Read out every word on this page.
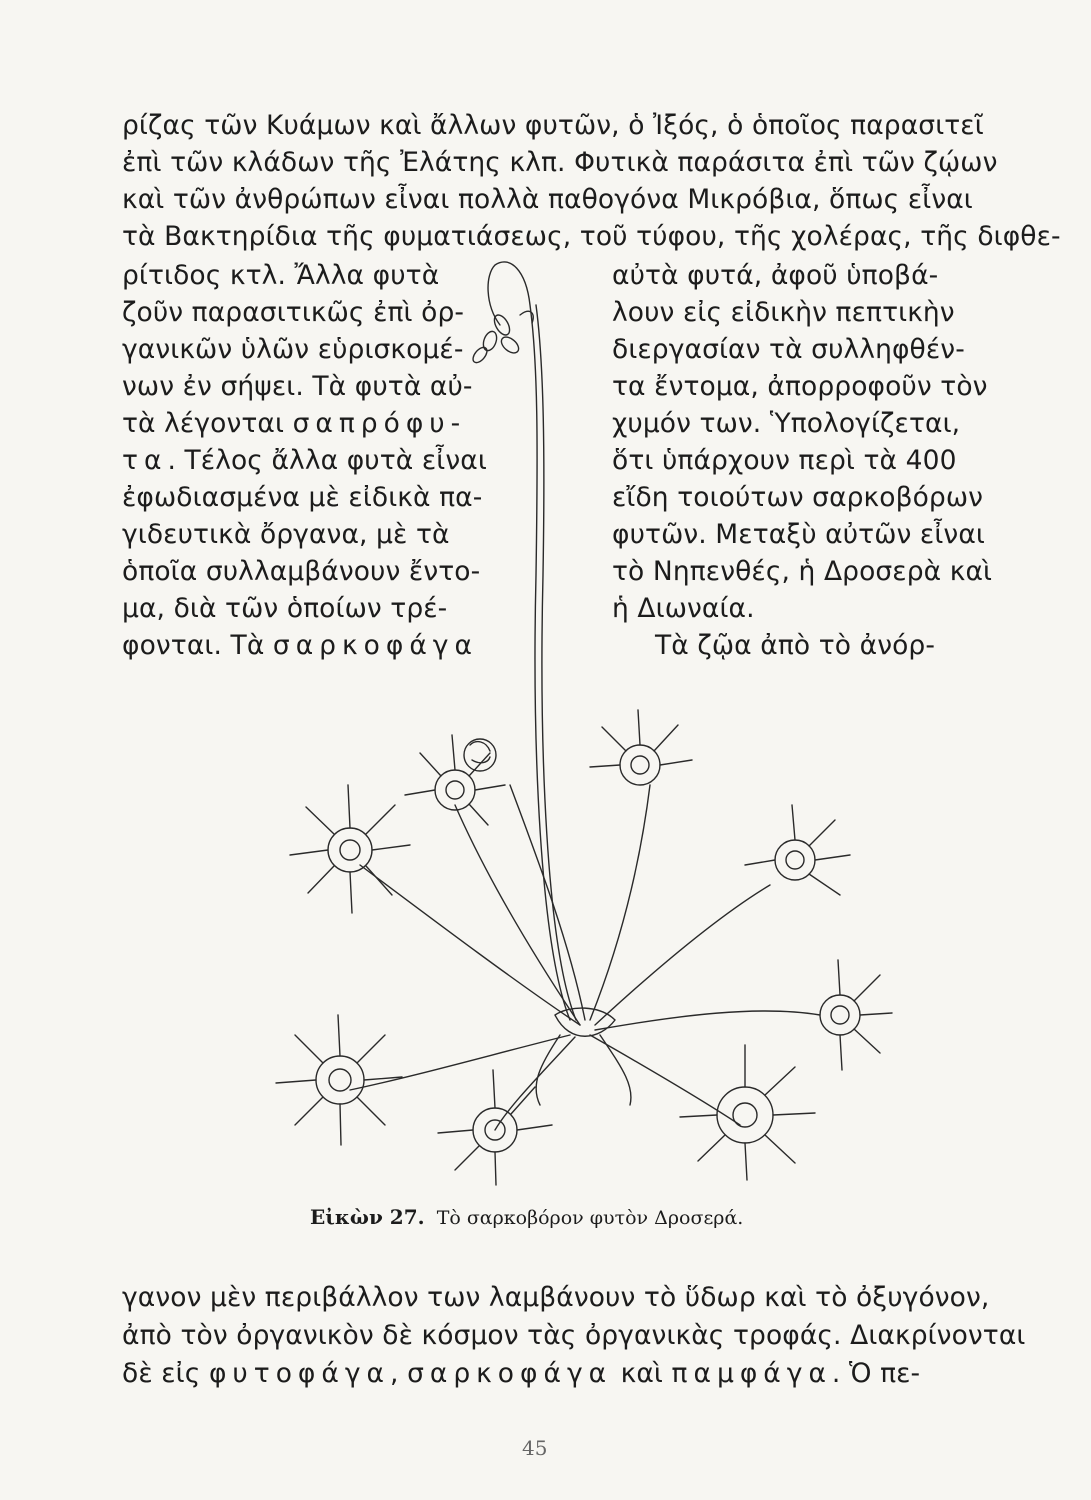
ρίζας τῶν Κυάμων καὶ ἄλλων φυτῶν, ὁ Ἰξός, ὁ ὁποῖος παρασιτεῖ
ἐπὶ τῶν κλάδων τῆς Ἐλάτης κλπ. Φυτικὰ παράσιτα ἐπὶ τῶν ζῴων
καὶ τῶν ἀνθρώπων εἶναι πολλὰ παθογόνα Μικρόβια, ὅπως εἶναι
τὰ Βακτηρίδια τῆς φυματιάσεως, τοῦ τύφου, τῆς χολέρας, τῆς διφθε-
ρίτιδος κτλ. Ἄλλα φυτὰ
ζοῦν παρασιτικῶς ἐπὶ ὀρ-
γανικῶν ὑλῶν εὑρισκομέ-
νων ἐν σήψει. Τὰ φυτὰ αὐ-
τὰ λέγονται σαπρόφυ-
τα. Τέλος ἄλλα φυτὰ εἶναι
ἐφωδιασμένα μὲ εἰδικὰ πα-
γιδευτικὰ ὄργανα, μὲ τὰ
ὁποῖα συλλαμβάνουν ἔντο-
μα, διὰ τῶν ὁποίων τρέ-
φονται. Τὰ σαρκοφάγα
αὐτὰ φυτά, ἀφοῦ ὑποβά-
λουν εἰς εἰδικὴν πεπτικὴν
διεργασίαν τὰ συλληφθέν-
τα ἔντομα, ἀπορροφοῦν τὸν
χυμόν των. Ὑπολογίζεται,
ὅτι ὑπάρχουν περὶ τὰ 400
εἴδη τοιούτων σαρκοβόρων
φυτῶν. Μεταξὺ αὐτῶν εἶναι
τὸ Νηπενθές, ἡ Δροσερὰ καὶ
ἡ Διωναία.
Τὰ ζῷα ἀπὸ τὸ ἀνόρ-
Εἰκὼν 27. Τὸ σαρκοβόρον φυτὸν Δροσερά.
γανον μὲν περιβάλλον των λαμβάνουν τὸ ὕδωρ καὶ τὸ ὀξυγόνον,
ἀπὸ τὸν ὀργανικὸν δὲ κόσμον τὰς ὀργανικὰς τροφάς. Διακρίνονται
δὲ εἰς φυτοφάγα, σαρκοφάγα καὶ παμφάγα. Ὁ πε-
45
